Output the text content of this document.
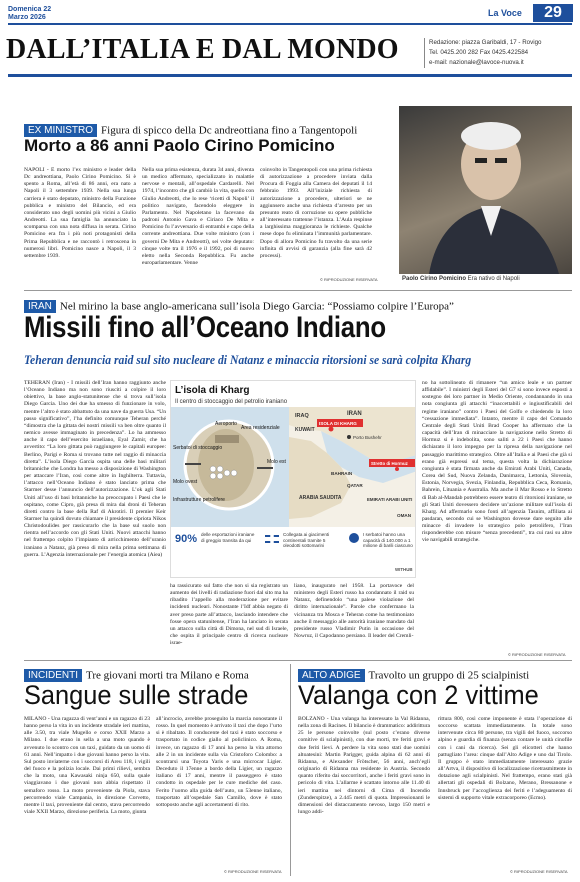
Domenica 22
Marzo 2026	La Voce	29
DALL’ITALIA E DAL MONDO	Redazione: piazza Garibaldi, 17 - Rovigo
Tel. 0425.200 282 Fax 0425.422584
e-mail: nazionale@lavoce-nuova.it
EX MINISTRO Figura di spicco della Dc andreottiana fino a Tangentopoli
Morto a 86 anni Paolo Cirino Pomicino
NAPOLI - È morto l’ex ministro e leader della Dc andreottiana, Paolo Cirino Pomicino. Si è spento a Roma, all’età di 86 anni, era nato a Napoli il 3 settembre 1939. Nella sua lunga carriera è stato deputato, ministro della Funzione pubblica e ministro del Bilancio, ed era considerato uno degli uomini più vicini a Giulio Andreotti. La sua famiglia ha annunciato la scomparsa con una nota diffusa in serata. Cirino Pomicino era fra i più noti protagonisti della Prima Repubblica e ne raccontò i retroscena in numerosi libri. Pomicino nasce a Napoli, il 3 settembre 1939.
Nella sua prima esistenza, durata 34 anni, diventa un medico affermato, specializzato in malattie nervose e mentali, all’ospedale Cardarelli. Nel 1974, l’incontro che gli cambiò la vita, quello con Giulio Andreotti, che lo rese ‘ricetti di Napoli’ il politico navigato, facendolo eleggere in Parlamento. Nel Napoletano la facevano da padroni Antonio Gava e Ciriaco De Mita e Pomicino fu l’avversario di entrambi e capo della corrente andreottiana. Due volte ministro (con i governi De Mita e Andreotti), sei volte deputato: cinque volte tra il 1976 e il 1992, poi di nuovo eletto nella Seconda Repubblica. Fu anche europarlamentare. Venne
coinvolto in Tangentopoli con una prima richiesta di autorizzazione a procedere inviata dalla Procura di Foggia alla Camera dei deputati il 14 febbraio 1993. All’iniziale richiesta di autorizzazione a procedere, ulteriori se ne aggiunsero anche una richiesta d’arresto per un presunto reato di corruzione su opere pubbliche all’interessato trattenne l’istanza. L’Aula respinse a larghissima maggioranza le richieste. Qualche mese dopo fu eliminata l’immunità parlamentare. Dopo di allora Pomicino fu travolto da una serie infinita di avvisi di garanzia (alla fine sarà 42 processi).
© RIPRODUZIONE RISERVATA	Paolo Cirino Pomicino Era nativo di Napoli
IRAN Nel mirino la base anglo-americana sull’isola Diego Garcia: “Possiamo colpire l’Europa”
Missili fino all’Oceano Indiano
Teheran denuncia raid sul sito nucleare di Natanz e minaccia ritorsioni se sarà colpita Kharg
TEHERAN (Iran) - I missili dell’Iran hanno raggiunto anche l’Oceano Indiano ma non sono riusciti a colpire il loro obiettivo, la base anglo-statunitense che si trova sull’isola Diego Garcia. Uno dei due ha smesso di funzionare in volo, mentre l’altro è stato abbattuto da una nave da guerra Usa. “Un passo significativo”, l’ha definito comunque Teheran perché “dimostra che la gittata dei nostri missili va ben oltre quanto il nemico avesse immaginato in precedenza”. Lo ha ammesso anche il capo dell’esercito israeliano, Eyal Zamir, che ha avvertito: “La loro gittata può raggiungere le capitali europee: Berlino, Parigi e Roma si trovano tutte nel raggio di minaccia diretta”. L’isola Diego Garcia ospita una delle basi militari britanniche che Londra ha messo a disposizione di Washington per attaccare l’Iran, così come altre in Inghilterra. Tuttavia, l’attacco nell’Oceano Indiano è stato lanciato prima che Starmer desse l’annuncio dell’autorizzazione. L’ok agli Stati Uniti all’uso di basi britanniche ha preoccupato i Paesi che le ospitano, come Cipro, già presa di mira dai droni di Teheran diretti contro la base della Raf di Akrotiri. Il premier Keir Starmer ha quindi dovuto chiamare il presidente cipriota Nikos Christodoulides per rassicurarlo che la base sul suolo non rientra nell’accordo con gli Stati Uniti. Nuovi attacchi hanno nel frattempo colpito l’impianto di arricchimento dell’uranio iraniano a Natanz, già preso di mira nella prima settimana di guerra. L’Agenzia internazionale per l’energia atomica (Aiea)
L’isola di Kharg
Il centro di stoccaggio del petrolio iraniano
IRAN
IRAQ
KUWAIT
ISOLA DI KHARG
Porto Bushehr
Stretto di Hormuz
BAHRAIN
QATAR
ARABIA SAUDITA	EMIRATI ARABI UNITI
OMAN
Aeroporto
Area residenziale
Serbatoi di stoccaggio
Molo ovest
Molo est
Infrastrutture petrolifere
90% delle esportazioni iraniane di greggio transita da qui
Collegata ai giacimenti continentali tramite 5 oleodotti sottomarini
I serbatoi hanno una capacità di 140.000 a 1 milione di barili ciascuno
WITHUB
ha rassicurato sul fatto che non si sia registrato un aumento dei livelli di radiazione fuori dal sito ma ha ribadito l’appello alla moderazione per evitare incidenti nucleari. Nonostante l’Idf abbia negato di aver preso parte all’attacco, lasciando intendere che fosse opera statunitense, l’Iran ha lanciato in serata un attacco sulla città di Dimona, nel sud di Israele, che ospita il principale centro di ricerca nucleare israe-
liano, inaugurato nel 1958. La portavoce del ministero degli Esteri russo ha condannato il raid su Natanz, definendolo “una palese violazione del diritto internazionale”. Parole che confermano la vicinanza tra Mosca e Teheran come ha testimoniato anche il messaggio alle autorità iraniane mandato dal presidente russo Vladimir Putin in occasione del Nowruz, il Capodanno persiano. Il leader del Cremli-
no ha sottolineato di rimanere “un amico leale e un partner affidabile”. I ministri degli Esteri del G7 si sono invece esposti a sostegno dei loro partner in Medio Oriente, condannando in una nota congiunta gli attacchi “inaccettabili e ingiustificabili del regime iraniano” contro i Paesi del Golfo e chiedendo la loro “cessazione immediata”. Intanto, mentre il capo del Comando Centrale degli Stati Uniti Brad Cooper ha affermato che la capacità dell’Iran di minacciare la navigazione nello Stretto di Hormuz si è indebolita, sono saliti a 22 i Paesi che hanno dichiarato il loro impegno per la ripresa della navigazione nel passaggio marittimo strategico. Oltre all’Italia e ai Paesi che già si erano già espressi sul tema, questa volta la dichiarazione congiunta è stata firmata anche da Emirati Arabi Uniti, Canada, Corea del Sud, Nuova Zelanda, Danimarca, Lettonia, Slovenia, Estonia, Norvegia, Svezia, Finlandia, Repubblica Ceca, Romania, Bahrein, Lituania e Australia. Ma anche il Mar Rosso e lo Stretto di Bab al-Mandab potrebbero essere teatro di ritorsioni iraniane, se gli Stati Uniti dovessero decidere un’azione militare sull’isola di Kharg. Ad affermarlo sono fonti all’agenzia Tasnim, affiliata ai pasdaran, secondo cui se Washington dovesse dare seguito alle minacce di invadere lo strategico polo petrolifero, l’Iran risponderebbe con misure “senza precedenti”, tra cui rasi su altre vie navigabili strategiche.
© RIPRODUZIONE RISERVATA
INCIDENTI Tre giovani morti tra Milano e Roma
Sangue sulle strade
MILANO - Una ragazza di vent’anni e un ragazzo di 23 hanno perso la vita in un incidente stradale ieri mattina, alle 3.50, tra viale Mugello e corso XXII Marzo a Milano. I due erano in sella a una moto quando è avvenuto lo scontro con un taxi, guidato da un uomo di 61 anni. Nell’impatto i due giovani hanno perso la vita. Sul posto inviaterne con i soccorsi di Areu 118, i vigili del fuoco e la polizia locale. Dai primi rilievi, sembra che la moto, una Kawasaki ninja 650, sulla quale viaggiavano i due giovani non abbia rispettato il semaforo rosso. La moto proveniente da Piola, stava percorrendo viale Campania, in direzione Corvetto, mentre il taxi, proveniente dal centro, stava percorrendo viale XXII Marzo, direzione periferia. La moto, giunta
all’incrocio, avrebbe proseguito la marcia nonostante il rosso. In quel momento è arrivato il taxi che dopo l’urto si è ribaltato. Il conducente del taxi è stato soccorso e trasportato in codice giallo al policlinico. A Roma, invece, un ragazzo di 17 anni ha perso la vita attorno alle 2 in un incidente sulla via Cristoforo Colombo: a scontrarsi una Toyota Yaris e una microcar Ligier. Deceduto il 17enne a bordo della Ligier, un ragazzo italiano di 17 anni, mentre il passeggero è stato condotto in ospedale per le cure mediche del caso. Ferito l’uomo alla guida dell’auto, un 53enne italiano, trasportato all’ospedale San Camillo, dove è stato sottoposto anche agli accertamenti di rito.
© RIPRODUZIONE RISERVATA
ALTO ADIGE Travolto un gruppo di 25 scialpinisti
Valanga con 2 vittime
BOLZANO - Una valanga ha interessato la Val Ridanna, nella zona di Racines. Il bilancio è drammatico: addirittura 25 le persone coinvolte (sul posto c’erano diverse comitive di scialpinisti), con due morti, tre feriti gravi e due feriti lievi. A perdere la vita sono stati due uomini altoatesini: Martin Parigger, guida alpina di 62 anni di Ridanna, e Alexander Frötscher, 56 anni, anch’egli originario di Ridanna ma residente in Austria. Secondo quanto riferito dai soccorritori, anche i feriti gravi sono in pericolo di vita. L’allarme è scattato intorno alle 11.40 di ieri mattina nei dintorni di Cima di Incendio (Zunderspitze), a 2.445 metri di quota. Impressionanti le dimensioni del distaccamento nevoso, largo 150 metri e lungo addi-
rittura 800, così come imponente è stata l’operazione di soccorso scattata immediatamente. In totale sono intervenute circa 80 persone, tra vigili del fuoco, soccorso alpino e guardia di finanza (senza contare le unità cinofile con i cani da ricerca). Sei gli elicotteri che hanno pattugliato l’area: cinque dall’Alto Adige e uno dal Tirolo. Il gruppo è stato immediatamente interessato grazie all’Artva, il dispositivo di localizzazione ricetrasmittente in dotazione agli scialpinisti. Nel frattempo, erano stati già allertati gli ospedali di Bolzano, Merano, Bressanone e Innsbruck per l’accoglienza dei feriti e l’adeguamento di sistemi di supporto vitale extracorporeo (Ecmo).
© RIPRODUZIONE RISERVATA
